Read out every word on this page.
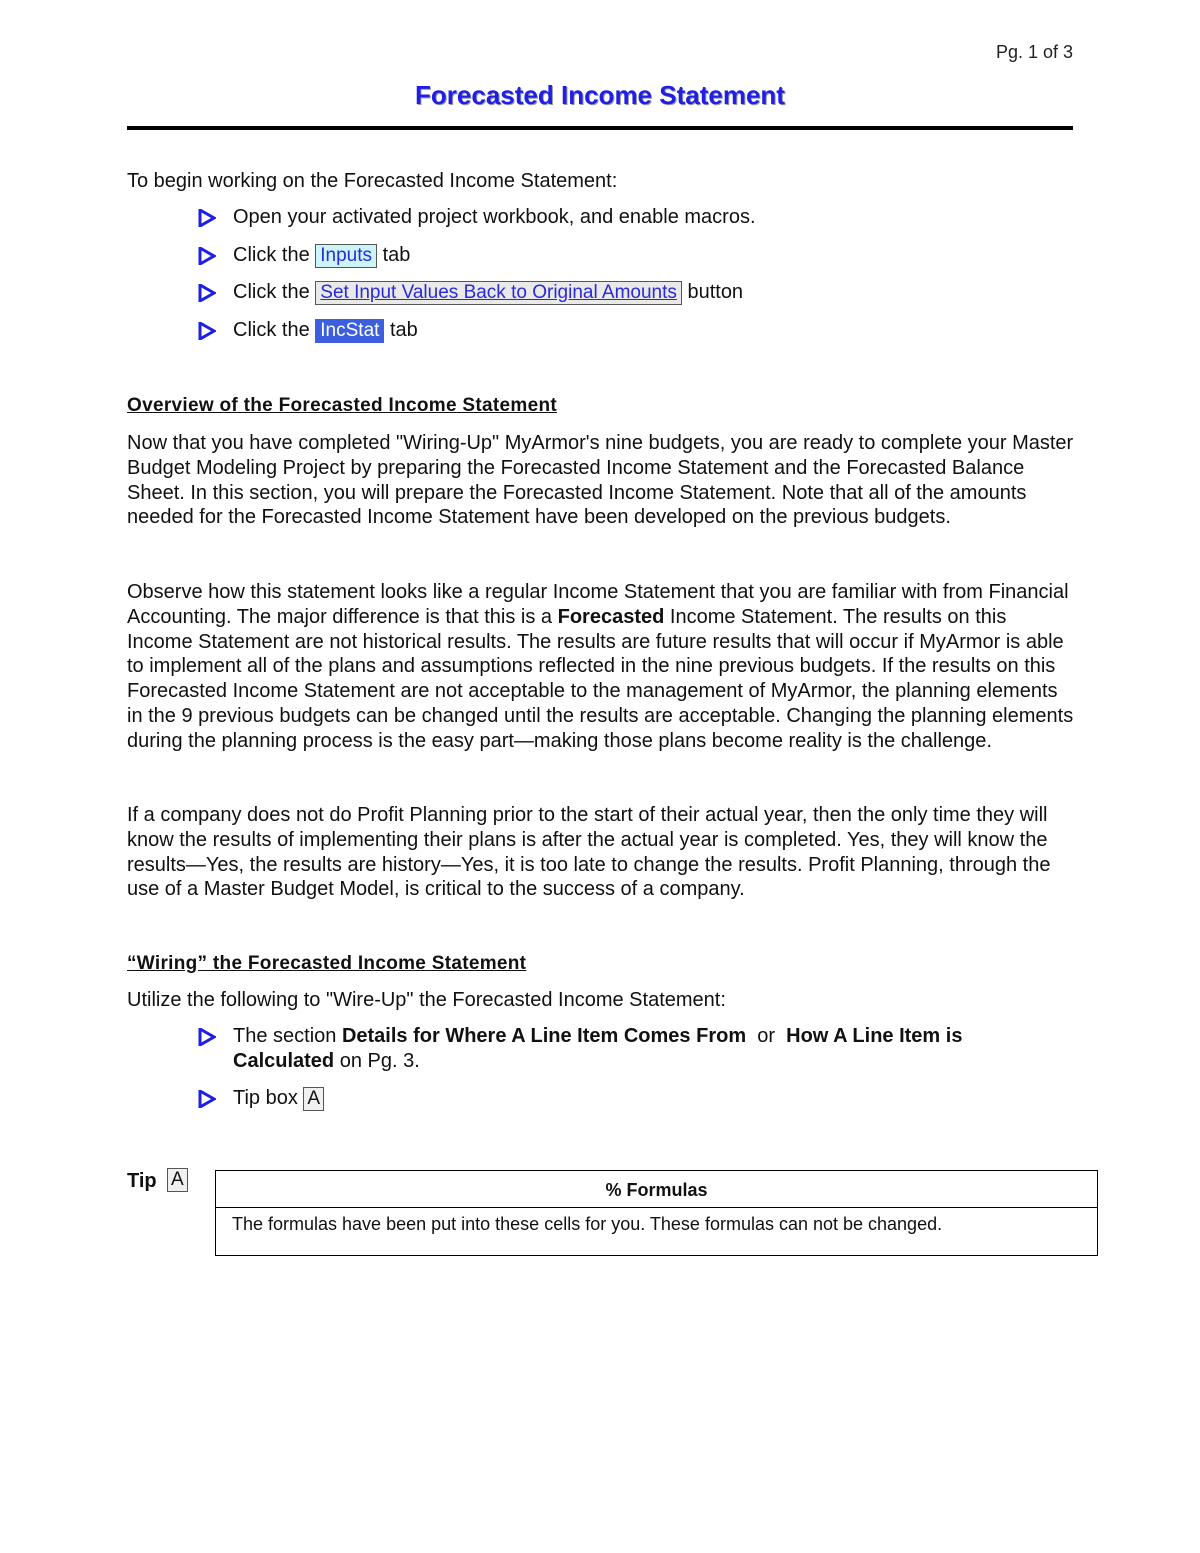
Pg. 1 of 3
Forecasted Income Statement
To begin working on the Forecasted Income Statement:
Open your activated project workbook, and enable macros.
Click the Inputs tab
Click the Set Input Values Back to Original Amounts button
Click the IncStat tab
Overview of the Forecasted Income Statement

Now that you have completed "Wiring-Up" MyArmor's nine budgets, you are ready to complete your Master Budget Modeling Project by preparing the Forecasted Income Statement and the Forecasted Balance Sheet. In this section, you will prepare the Forecasted Income Statement. Note that all of the amounts needed for the Forecasted Income Statement have been developed on the previous budgets.

Observe how this statement looks like a regular Income Statement that you are familiar with from Financial Accounting. The major difference is that this is a Forecasted Income Statement. The results on this Income Statement are not historical results. The results are future results that will occur if MyArmor is able to implement all of the plans and assumptions reflected in the nine previous budgets. If the results on this Forecasted Income Statement are not acceptable to the management of MyArmor, the planning elements in the 9 previous budgets can be changed until the results are acceptable. Changing the planning elements during the planning process is the easy part—making those plans become reality is the challenge.

If a company does not do Profit Planning prior to the start of their actual year, then the only time they will know the results of implementing their plans is after the actual year is completed. Yes, they will know the results—Yes, the results are history—Yes, it is too late to change the results. Profit Planning, through the use of a Master Budget Model, is critical to the success of a company.

“Wiring” the Forecasted Income Statement
Utilize the following to "Wire-Up" the Forecasted Income Statement:
The section Details for Where A Line Item Comes From  or  How A Line Item is Calculated on Pg. 3.
Tip box A
Tip A	% Formulas
The formulas have been put into these cells for you. These formulas can not be changed.
